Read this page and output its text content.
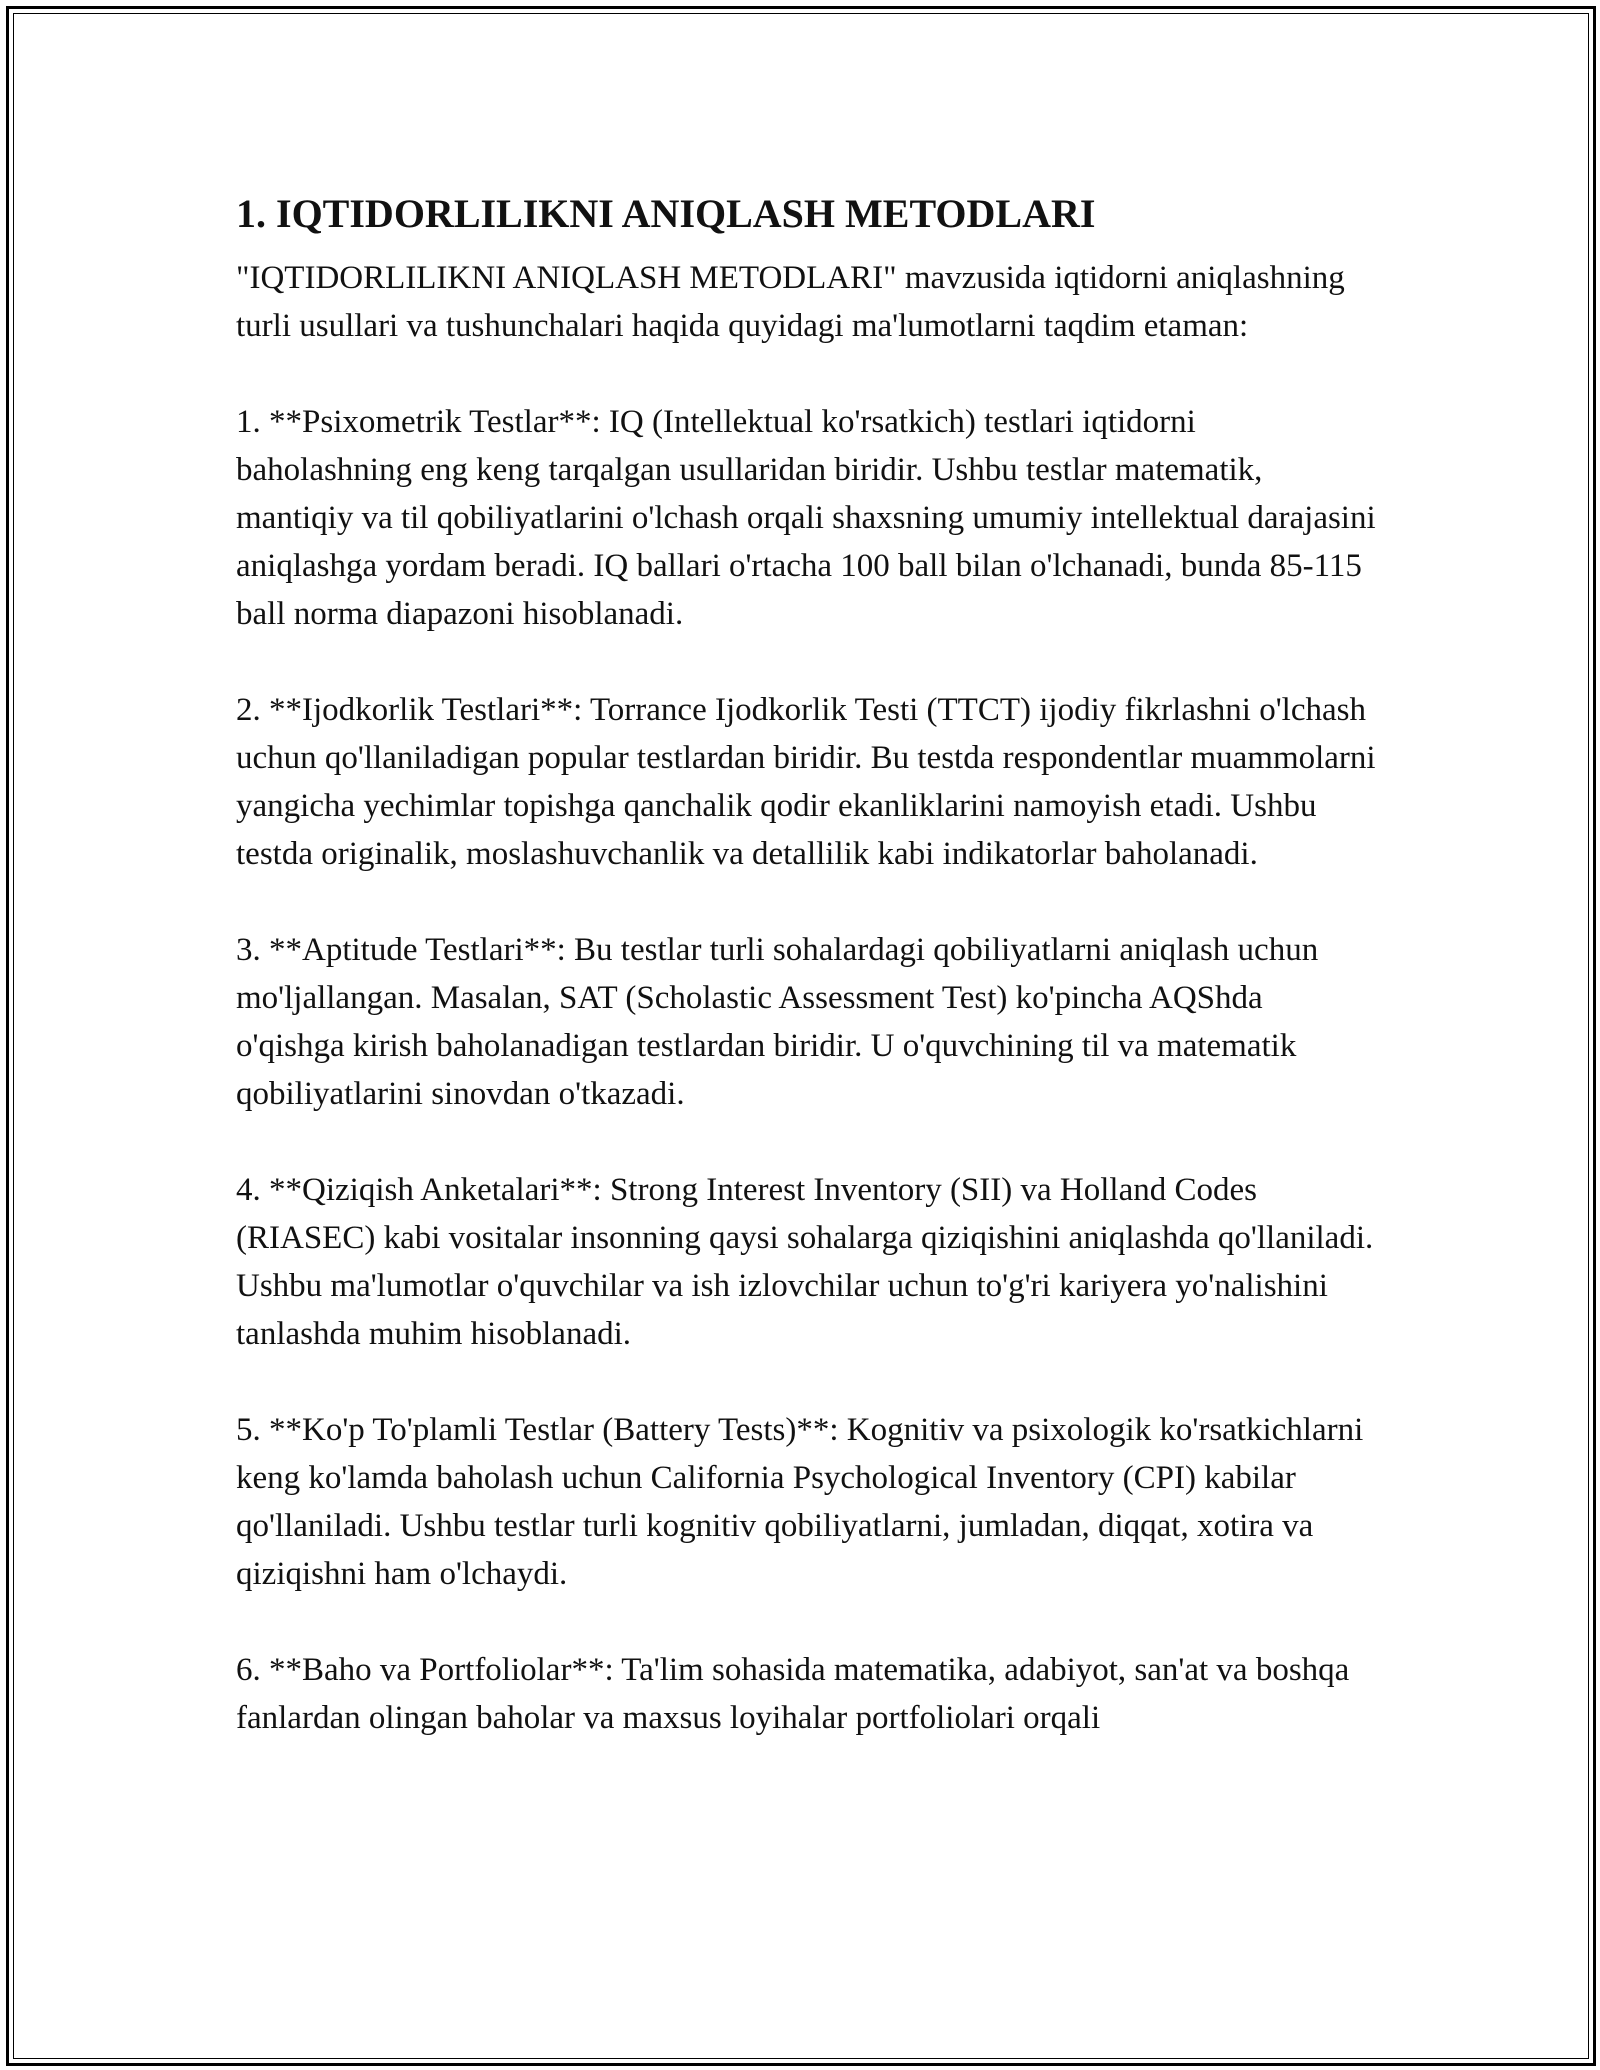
1. IQTIDORLILIKNI ANIQLASH METODLARI

"IQTIDORLILIKNI ANIQLASH METODLARI" mavzusida iqtidorni aniqlashning turli usullari va tushunchalari haqida quyidagi ma'lumotlarni taqdim etaman:

1. **Psixometrik Testlar**: IQ (Intellektual ko'rsatkich) testlari iqtidorni baholashning eng keng tarqalgan usullaridan biridir. Ushbu testlar matematik, mantiqiy va til qobiliyatlarini o'lchash orqali shaxsning umumiy intellektual darajasini aniqlashga yordam beradi. IQ ballari o'rtacha 100 ball bilan o'lchanadi, bunda 85-115 ball norma diapazoni hisoblanadi.

2. **Ijodkorlik Testlari**: Torrance Ijodkorlik Testi (TTCT) ijodiy fikrlashni o'lchash uchun qo'llaniladigan popular testlardan biridir. Bu testda respondentlar muammolarni yangicha yechimlar topishga qanchalik qodir ekanliklarini namoyish etadi. Ushbu testda originalik, moslashuvchanlik va detallilik kabi indikatorlar baholanadi.

3. **Aptitude Testlari**: Bu testlar turli sohalardagi qobiliyatlarni aniqlash uchun mo'ljallangan. Masalan, SAT (Scholastic Assessment Test) ko'pincha AQShda o'qishga kirish baholanadigan testlardan biridir. U o'quvchining til va matematik qobiliyatlarini sinovdan o'tkazadi.

4. **Qiziqish Anketalari**: Strong Interest Inventory (SII) va Holland Codes (RIASEC) kabi vositalar insonning qaysi sohalarga qiziqishini aniqlashda qo'llaniladi. Ushbu ma'lumotlar o'quvchilar va ish izlovchilar uchun to'g'ri kariyera yo'nalishini tanlashda muhim hisoblanadi.

5. **Ko'p To'plamli Testlar (Battery Tests)**: Kognitiv va psixologik ko'rsatkichlarni keng ko'lamda baholash uchun California Psychological Inventory (CPI) kabilar qo'llaniladi. Ushbu testlar turli kognitiv qobiliyatlarni, jumladan, diqqat, xotira va qiziqishni ham o'lchaydi.

6. **Baho va Portfoliolar**: Ta'lim sohasida matematika, adabiyot, san'at va boshqa fanlardan olingan baholar va maxsus loyihalar portfoliolari orqali
